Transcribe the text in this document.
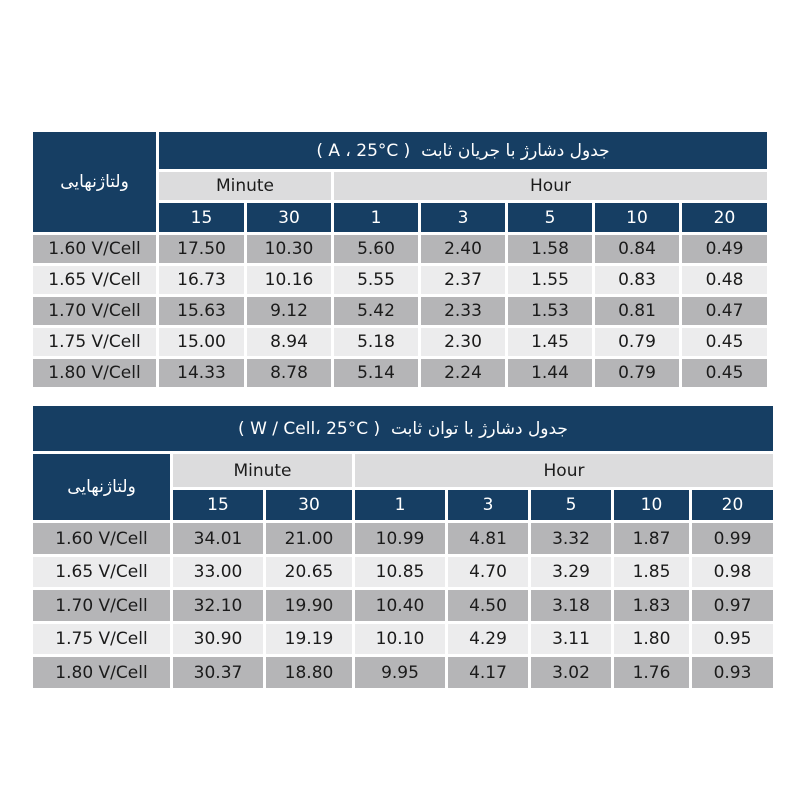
ولتاژنهایی
جدول دشارژ با جریان ثابت

( A ، 25°C )
Minute	Hour
15	30	1	3	5	10	20
1.60 V/Cell	17.50	10.30	5.60	2.40	1.58	0.84	0.49
1.65 V/Cell	16.73	10.16	5.55	2.37	1.55	0.83	0.48
1.70 V/Cell	15.63	9.12	5.42	2.33	1.53	0.81	0.47
1.75 V/Cell	15.00	8.94	5.18	2.30	1.45	0.79	0.45
1.80 V/Cell	14.33	8.78	5.14	2.24	1.44	0.79	0.45
جدول دشارژ با توان ثابت

( W / Cell، 25°C )
ولتاژنهایی
Minute	Hour
15	30	1	3	5	10	20
1.60 V/Cell	34.01	21.00	10.99	4.81	3.32	1.87	0.99
1.65 V/Cell	33.00	20.65	10.85	4.70	3.29	1.85	0.98
1.70 V/Cell	32.10	19.90	10.40	4.50	3.18	1.83	0.97
1.75 V/Cell	30.90	19.19	10.10	4.29	3.11	1.80	0.95
1.80 V/Cell	30.37	18.80	9.95	4.17	3.02	1.76	0.93
